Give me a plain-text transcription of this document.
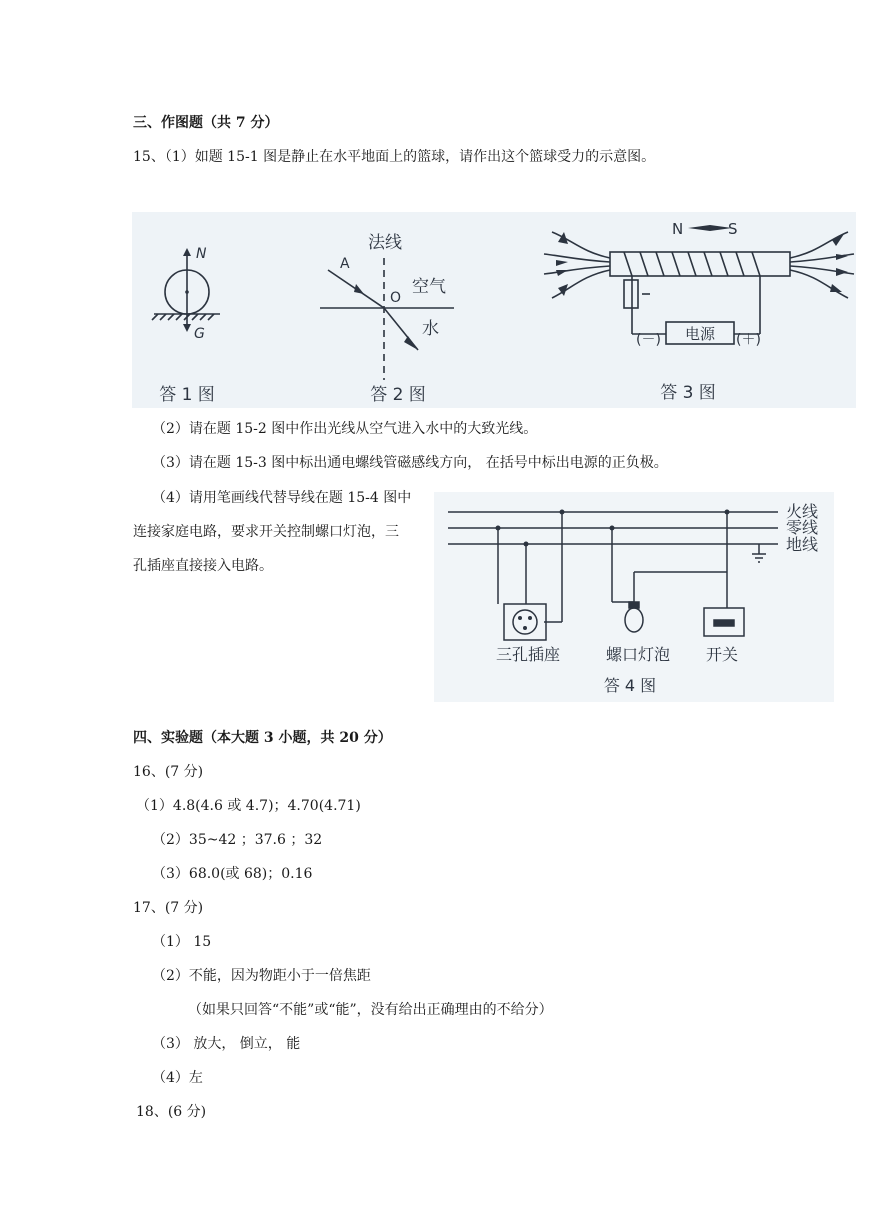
三、作图题（共 7 分）
15、（1）如题 15-1 图是静止在水平地面上的篮球，请作出这个篮球受力的示意图。
N
G
答 1 图
法线
A
O
空气
水
答 2 图
N	S
电源
(－)	(＋)
答 3 图
（2）请在题 15-2 图中作出光线从空气进入水中的大致光线。
（3）请在题 15-3 图中标出通电螺线管磁感线方向， 在括号中标出电源的正负极。
（4）请用笔画线代替导线在题 15-4 图中
连接家庭电路，要求开关控制螺口灯泡，三
孔插座直接接入电路。
火线
零线
地线
三孔插座	螺口灯泡 开关
答 4 图
四、实验题（本大题 3 小题，共 20 分）
16、(7 分)
（1）4.8(4.6 或 4.7)；4.70(4.71)
（2）35~42 ；37.6 ；32
（3）68.0(或 68)；0.16
17、(7 分)
（1） 15
（2）不能，因为物距小于一倍焦距
（如果只回答“不能”或“能”，没有给出正确理由的不给分）
（3） 放大， 倒立， 能
（4）左
18、(6 分)
